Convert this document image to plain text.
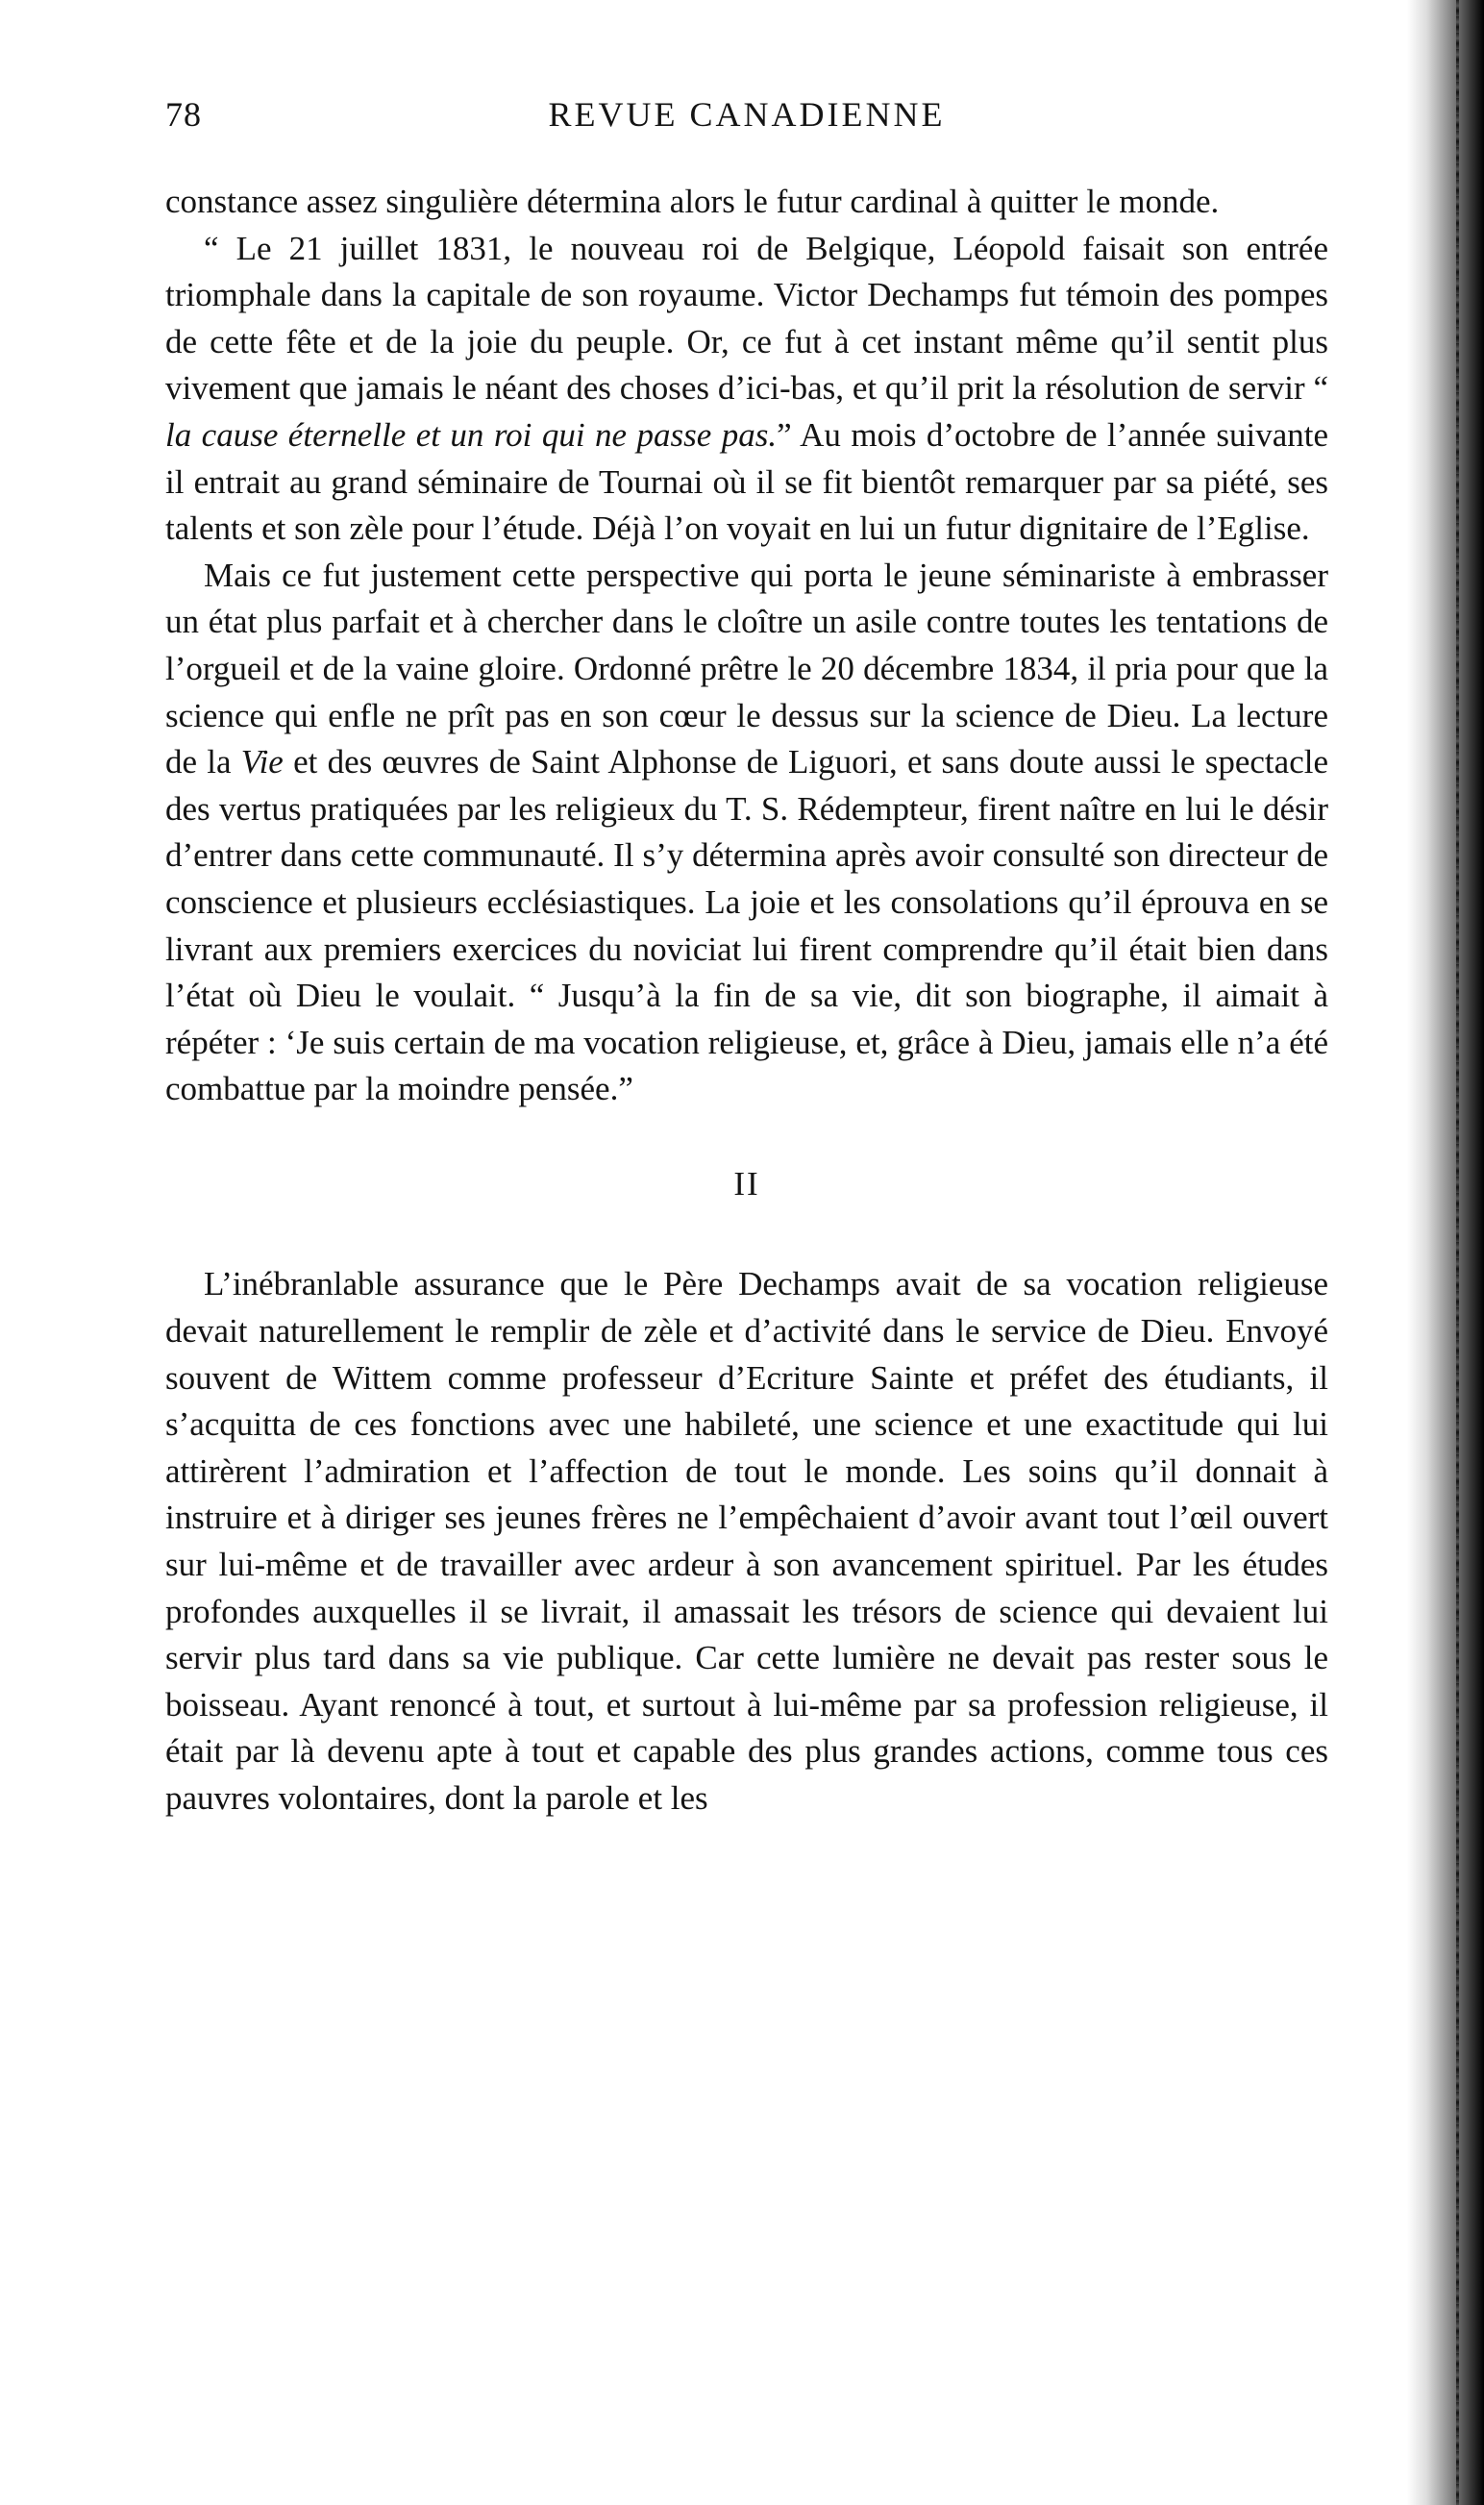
78	REVUE CANADIENNE

constance assez singulière détermina alors le futur cardinal à quitter le monde.

“ Le 21 juillet 1831, le nouveau roi de Belgique, Léopold faisait son entrée triomphale dans la capitale de son royaume. Victor Dechamps fut témoin des pompes de cette fête et de la joie du peuple. Or, ce fut à cet instant même qu’il sentit plus vivement que jamais le néant des choses d’ici-bas, et qu’il prit la résolution de servir “ la cause éternelle et un roi qui ne passe pas.” Au mois d’octobre de l’année suivante il entrait au grand séminaire de Tournai où il se fit bientôt remarquer par sa piété, ses talents et son zèle pour l’étude. Déjà l’on voyait en lui un futur dignitaire de l’Eglise.

Mais ce fut justement cette perspective qui porta le jeune séminariste à embrasser un état plus parfait et à chercher dans le cloître un asile contre toutes les tentations de l’orgueil et de la vaine gloire. Ordonné prêtre le 20 décembre 1834, il pria pour que la science qui enfle ne prît pas en son cœur le dessus sur la science de Dieu. La lecture de la Vie et des œuvres de Saint Alphonse de Liguori, et sans doute aussi le spectacle des vertus pratiquées par les religieux du T. S. Rédempteur, firent naître en lui le désir d’entrer dans cette communauté. Il s’y détermina après avoir consulté son directeur de conscience et plusieurs ecclésiastiques. La joie et les consolations qu’il éprouva en se livrant aux premiers exercices du noviciat lui firent comprendre qu’il était bien dans l’état où Dieu le voulait. “ Jusqu’à la fin de sa vie, dit son biographe, il aimait à répéter : ‘Je suis certain de ma vocation religieuse, et, grâce à Dieu, jamais elle n’a été combattue par la moindre pensée.”

II

L’inébranlable assurance que le Père Dechamps avait de sa vocation religieuse devait naturellement le remplir de zèle et d’activité dans le service de Dieu. Envoyé souvent de Wittem comme professeur d’Ecriture Sainte et préfet des étudiants, il s’acquitta de ces fonctions avec une habileté, une science et une exactitude qui lui attirèrent l’admiration et l’affection de tout le monde. Les soins qu’il donnait à instruire et à diriger ses jeunes frères ne l’empêchaient d’avoir avant tout l’œil ouvert sur lui-même et de travailler avec ardeur à son avancement spirituel. Par les études profondes auxquelles il se livrait, il amassait les trésors de science qui devaient lui servir plus tard dans sa vie publique. Car cette lumière ne devait pas rester sous le boisseau. Ayant renoncé à tout, et surtout à lui-même par sa profession religieuse, il était par là devenu apte à tout et capable des plus grandes actions, comme tous ces pauvres volontaires, dont la parole et les
